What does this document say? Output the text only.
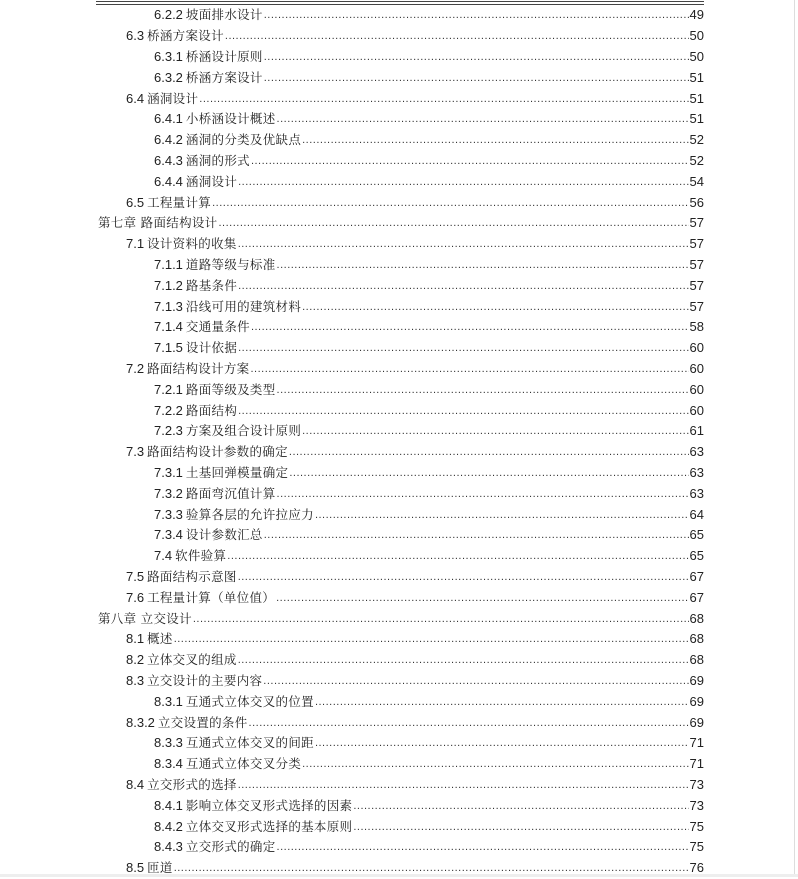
6.2.2 坡面排水设计 .....	49
6.3 桥涵方案设计 .....	50
6.3.1 桥涵设计原则 .....	50
6.3.2 桥涵方案设计 .....	51
6.4 涵洞设计 .....	51
6.4.1 小桥涵设计概述 .....	51
6.4.2 涵洞的分类及优缺点 .....	52
6.4.3 涵洞的形式 .....	52
6.4.4 涵洞设计 .....	54
6.5 工程量计算 .....	56
第七章 路面结构设计 .....	57
7.1 设计资料的收集 .....	57
7.1.1 道路等级与标准 .....	57
7.1.2 路基条件 .....	57
7.1.3 沿线可用的建筑材料 .....	57
7.1.4 交通量条件 .....	58
7.1.5 设计依据 .....	60
7.2 路面结构设计方案 .....	60
7.2.1 路面等级及类型 .....	60
7.2.2 路面结构 .....	60
7.2.3 方案及组合设计原则 .....	61
7.3 路面结构设计参数的确定 .....	63
7.3.1 土基回弹模量确定 .....	63
7.3.2 路面弯沉值计算 .....	63
7.3.3 验算各层的允许拉应力 .....	64
7.3.4 设计参数汇总 .....	65
7.4 软件验算 .....	65
7.5 路面结构示意图 .....	67
7.6 工程量计算（单位值） .....	67
第八章 立交设计 .....	68
8.1 概述 .....	68
8.2 立体交叉的组成 .....	68
8.3 立交设计的主要内容 .....	69
8.3.1 互通式立体交叉的位置 .....	69
8.3.2 立交设置的条件 .....	69
8.3.3 互通式立体交叉的间距 .....	71
8.3.4 互通式立体交叉分类 .....	71
8.4 立交形式的选择 .....	73
8.4.1 影响立体交叉形式选择的因素 .....	73
8.4.2 立体交叉形式选择的基本原则 .....	75
8.4.3 立交形式的确定 .....	75
8.5 匝道 .....	76
